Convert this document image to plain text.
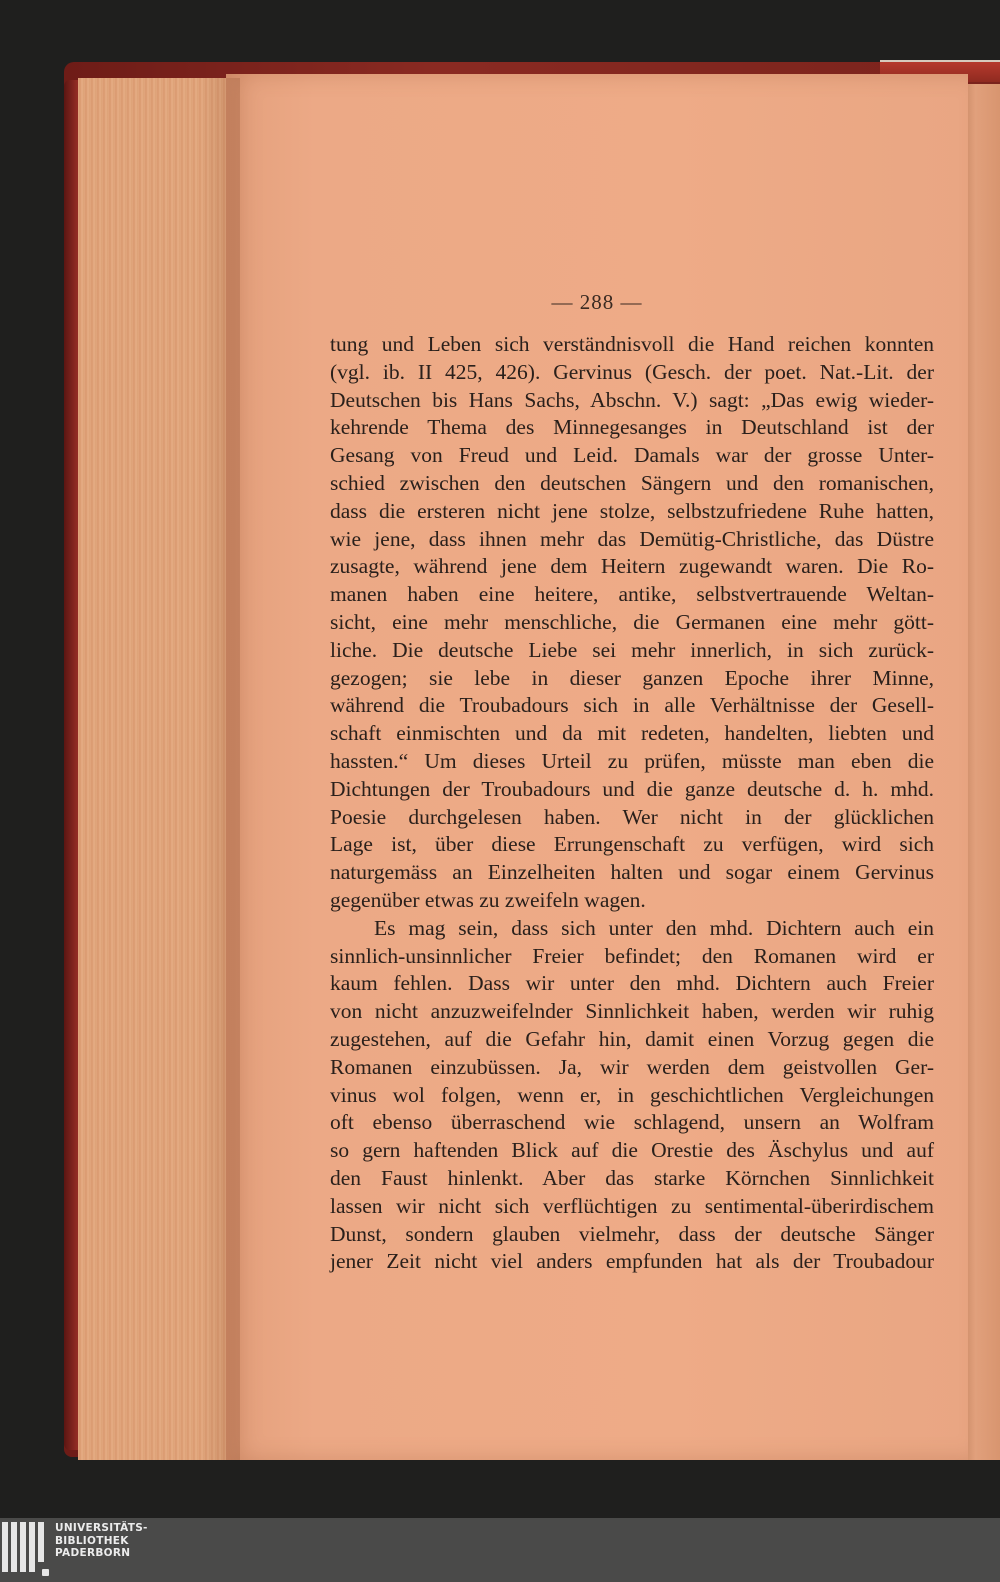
— 288 —
tung und Leben sich verständnisvoll die Hand reichen konnten
(vgl. ib. II 425, 426). Gervinus (Gesch. der poet. Nat.-Lit. der
Deutschen bis Hans Sachs, Abschn. V.) sagt: „Das ewig wieder-
kehrende Thema des Minnegesanges in Deutschland ist der
Gesang von Freud und Leid. Damals war der grosse Unter-
schied zwischen den deutschen Sängern und den romanischen,
dass die ersteren nicht jene stolze, selbstzufriedene Ruhe hatten,
wie jene, dass ihnen mehr das Demütig-Christliche, das Düstre
zusagte, während jene dem Heitern zugewandt waren. Die Ro-
manen haben eine heitere, antike, selbstvertrauende Weltan-
sicht, eine mehr menschliche, die Germanen eine mehr gött-
liche. Die deutsche Liebe sei mehr innerlich, in sich zurück-
gezogen; sie lebe in dieser ganzen Epoche ihrer Minne,
während die Troubadours sich in alle Verhältnisse der Gesell-
schaft einmischten und da mit redeten, handelten, liebten und
hassten.“ Um dieses Urteil zu prüfen, müsste man eben die
Dichtungen der Troubadours und die ganze deutsche d. h. mhd.
Poesie durchgelesen haben. Wer nicht in der glücklichen
Lage ist, über diese Errungenschaft zu verfügen, wird sich
naturgemäss an Einzelheiten halten und sogar einem Gervinus
gegenüber etwas zu zweifeln wagen.
Es mag sein, dass sich unter den mhd. Dichtern auch ein
sinnlich-unsinnlicher Freier befindet; den Romanen wird er
kaum fehlen. Dass wir unter den mhd. Dichtern auch Freier
von nicht anzuzweifelnder Sinnlichkeit haben, werden wir ruhig
zugestehen, auf die Gefahr hin, damit einen Vorzug gegen die
Romanen einzubüssen. Ja, wir werden dem geistvollen Ger-
vinus wol folgen, wenn er, in geschichtlichen Vergleichungen
oft ebenso überraschend wie schlagend, unsern an Wolfram
so gern haftenden Blick auf die Orestie des Äschylus und auf
den Faust hinlenkt. Aber das starke Körnchen Sinnlichkeit
lassen wir nicht sich verflüchtigen zu sentimental-überirdischem
Dunst, sondern glauben vielmehr, dass der deutsche Sänger
jener Zeit nicht viel anders empfunden hat als der Troubadour
UNIVERSITÄTS-
BIBLIOTHEK
PADERBORN
